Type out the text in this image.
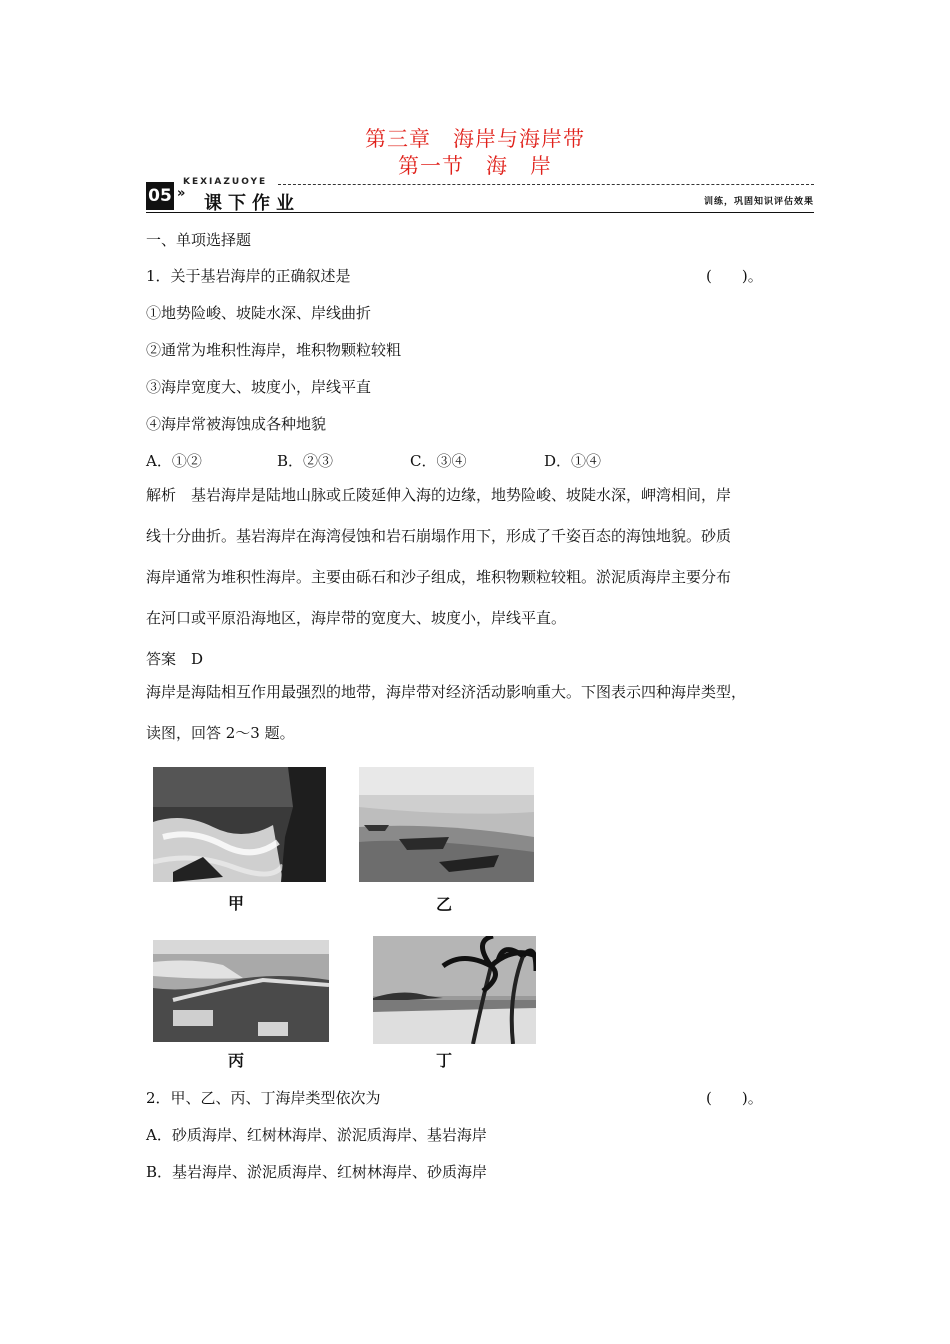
第三章　海岸与海岸带
第一节　海　岸
KEXIAZUOYE
05 » 课下作业	训练，巩固知识评估效果
一、单项选择题
1．关于基岩海岸的正确叙述是	(　　)。
①地势险峻、坡陡水深、岸线曲折
②通常为堆积性海岸，堆积物颗粒较粗
③海岸宽度大、坡度小，岸线平直
④海岸常被海蚀成各种地貌
A．①②	B．②③	C．③④	D．①④
解析　基岩海岸是陆地山脉或丘陵延伸入海的边缘，地势险峻、坡陡水深，岬湾相间，岸
线十分曲折。基岩海岸在海湾侵蚀和岩石崩塌作用下，形成了千姿百态的海蚀地貌。砂质
海岸通常为堆积性海岸。主要由砾石和沙子组成，堆积物颗粒较粗。淤泥质海岸主要分布
在河口或平原沿海地区，海岸带的宽度大、坡度小，岸线平直。
答案　D
海岸是海陆相互作用最强烈的地带，海岸带对经济活动影响重大。下图表示四种海岸类型，
读图，回答 2～3 题。
甲	乙
丙	丁
2．甲、乙、丙、丁海岸类型依次为	(　　)。
A．砂质海岸、红树林海岸、淤泥质海岸、基岩海岸
B．基岩海岸、淤泥质海岸、红树林海岸、砂质海岸
